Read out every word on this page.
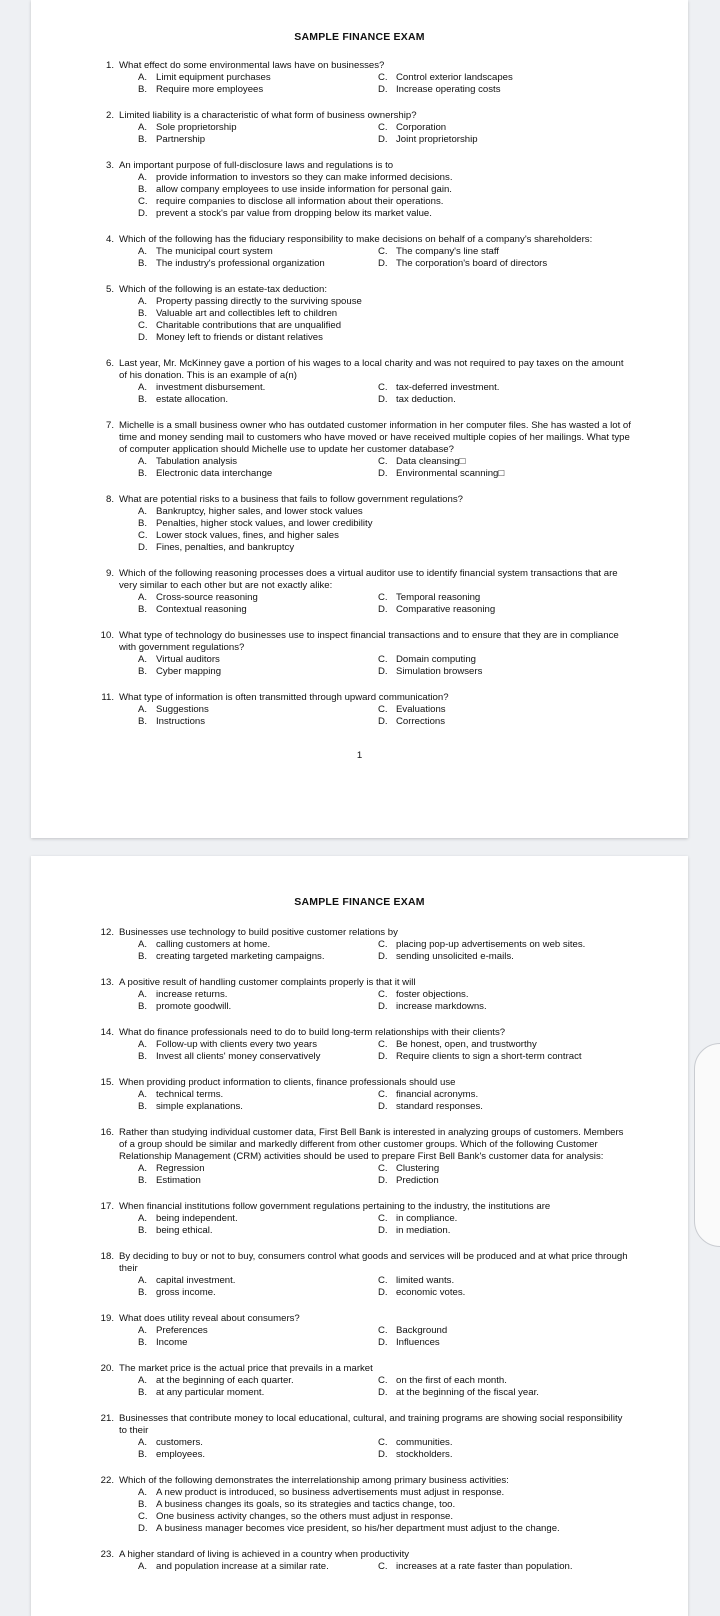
SAMPLE FINANCE EXAM

1. What effect do some environmental laws have on businesses?
A. Limit equipment purchases	C. Control exterior landscapes
B. Require more employees	D. Increase operating costs
2. Limited liability is a characteristic of what form of business ownership?
A. Sole proprietorship	C. Corporation
B. Partnership	D. Joint proprietorship
3. An important purpose of full-disclosure laws and regulations is to
A. provide information to investors so they can make informed decisions.
B. allow company employees to use inside information for personal gain.
C. require companies to disclose all information about their operations.
D. prevent a stock's par value from dropping below its market value.
4. Which of the following has the fiduciary responsibility to make decisions on behalf of a company's shareholders:
A. The municipal court system	C. The company's line staff
B. The industry's professional organization	D. The corporation's board of directors
5. Which of the following is an estate-tax deduction:
A. Property passing directly to the surviving spouse
B. Valuable art and collectibles left to children
C. Charitable contributions that are unqualified
D. Money left to friends or distant relatives
6. Last year, Mr. McKinney gave a portion of his wages to a local charity and was not required to pay taxes on the amount of his donation. This is an example of a(n)
A. investment disbursement.	C. tax-deferred investment.
B. estate allocation.	D. tax deduction.
7. Michelle is a small business owner who has outdated customer information in her computer files. She has wasted a lot of time and money sending mail to customers who have moved or have received multiple copies of her mailings. What type of computer application should Michelle use to update her customer database?
A. Tabulation analysis	C. Data cleansing□
B. Electronic data interchange	D. Environmental scanning□
8. What are potential risks to a business that fails to follow government regulations?
A. Bankruptcy, higher sales, and lower stock values
B. Penalties, higher stock values, and lower credibility
C. Lower stock values, fines, and higher sales
D. Fines, penalties, and bankruptcy
9. Which of the following reasoning processes does a virtual auditor use to identify financial system transactions that are very similar to each other but are not exactly alike:
A. Cross-source reasoning	C. Temporal reasoning
B. Contextual reasoning	D. Comparative reasoning
10. What type of technology do businesses use to inspect financial transactions and to ensure that they are in compliance with government regulations?
A. Virtual auditors	C. Domain computing
B. Cyber mapping	D. Simulation browsers
11. What type of information is often transmitted through upward communication?
A. Suggestions	C. Evaluations
B. Instructions	D. Corrections
1

SAMPLE FINANCE EXAM

12. Businesses use technology to build positive customer relations by
A. calling customers at home.	C. placing pop-up advertisements on web sites.
B. creating targeted marketing campaigns.	D. sending unsolicited e-mails.
13. A positive result of handling customer complaints properly is that it will
A. increase returns.	C. foster objections.
B. promote goodwill.	D. increase markdowns.
14. What do finance professionals need to do to build long-term relationships with their clients?
A. Follow-up with clients every two years	C. Be honest, open, and trustworthy
B. Invest all clients' money conservatively	D. Require clients to sign a short-term contract
15. When providing product information to clients, finance professionals should use
A. technical terms.	C. financial acronyms.
B. simple explanations.	D. standard responses.
16. Rather than studying individual customer data, First Bell Bank is interested in analyzing groups of customers. Members of a group should be similar and markedly different from other customer groups. Which of the following Customer Relationship Management (CRM) activities should be used to prepare First Bell Bank's customer data for analysis:
A. Regression	C. Clustering
B. Estimation	D. Prediction
17. When financial institutions follow government regulations pertaining to the industry, the institutions are
A. being independent.	C. in compliance.
B. being ethical.	D. in mediation.
18. By deciding to buy or not to buy, consumers control what goods and services will be produced and at what price through their
A. capital investment.	C. limited wants.
B. gross income.	D. economic votes.
19. What does utility reveal about consumers?
A. Preferences	C. Background
B. Income	D. Influences
20. The market price is the actual price that prevails in a market
A. at the beginning of each quarter.	C. on the first of each month.
B. at any particular moment.	D. at the beginning of the fiscal year.
21. Businesses that contribute money to local educational, cultural, and training programs are showing social responsibility to their
A. customers.	C. communities.
B. employees.	D. stockholders.
22. Which of the following demonstrates the interrelationship among primary business activities:
A. A new product is introduced, so business advertisements must adjust in response.
B. A business changes its goals, so its strategies and tactics change, too.
C. One business activity changes, so the others must adjust in response.
D. A business manager becomes vice president, so his/her department must adjust to the change.
23. A higher standard of living is achieved in a country when productivity
A. and population increase at a similar rate.	C. increases at a rate faster than population.
